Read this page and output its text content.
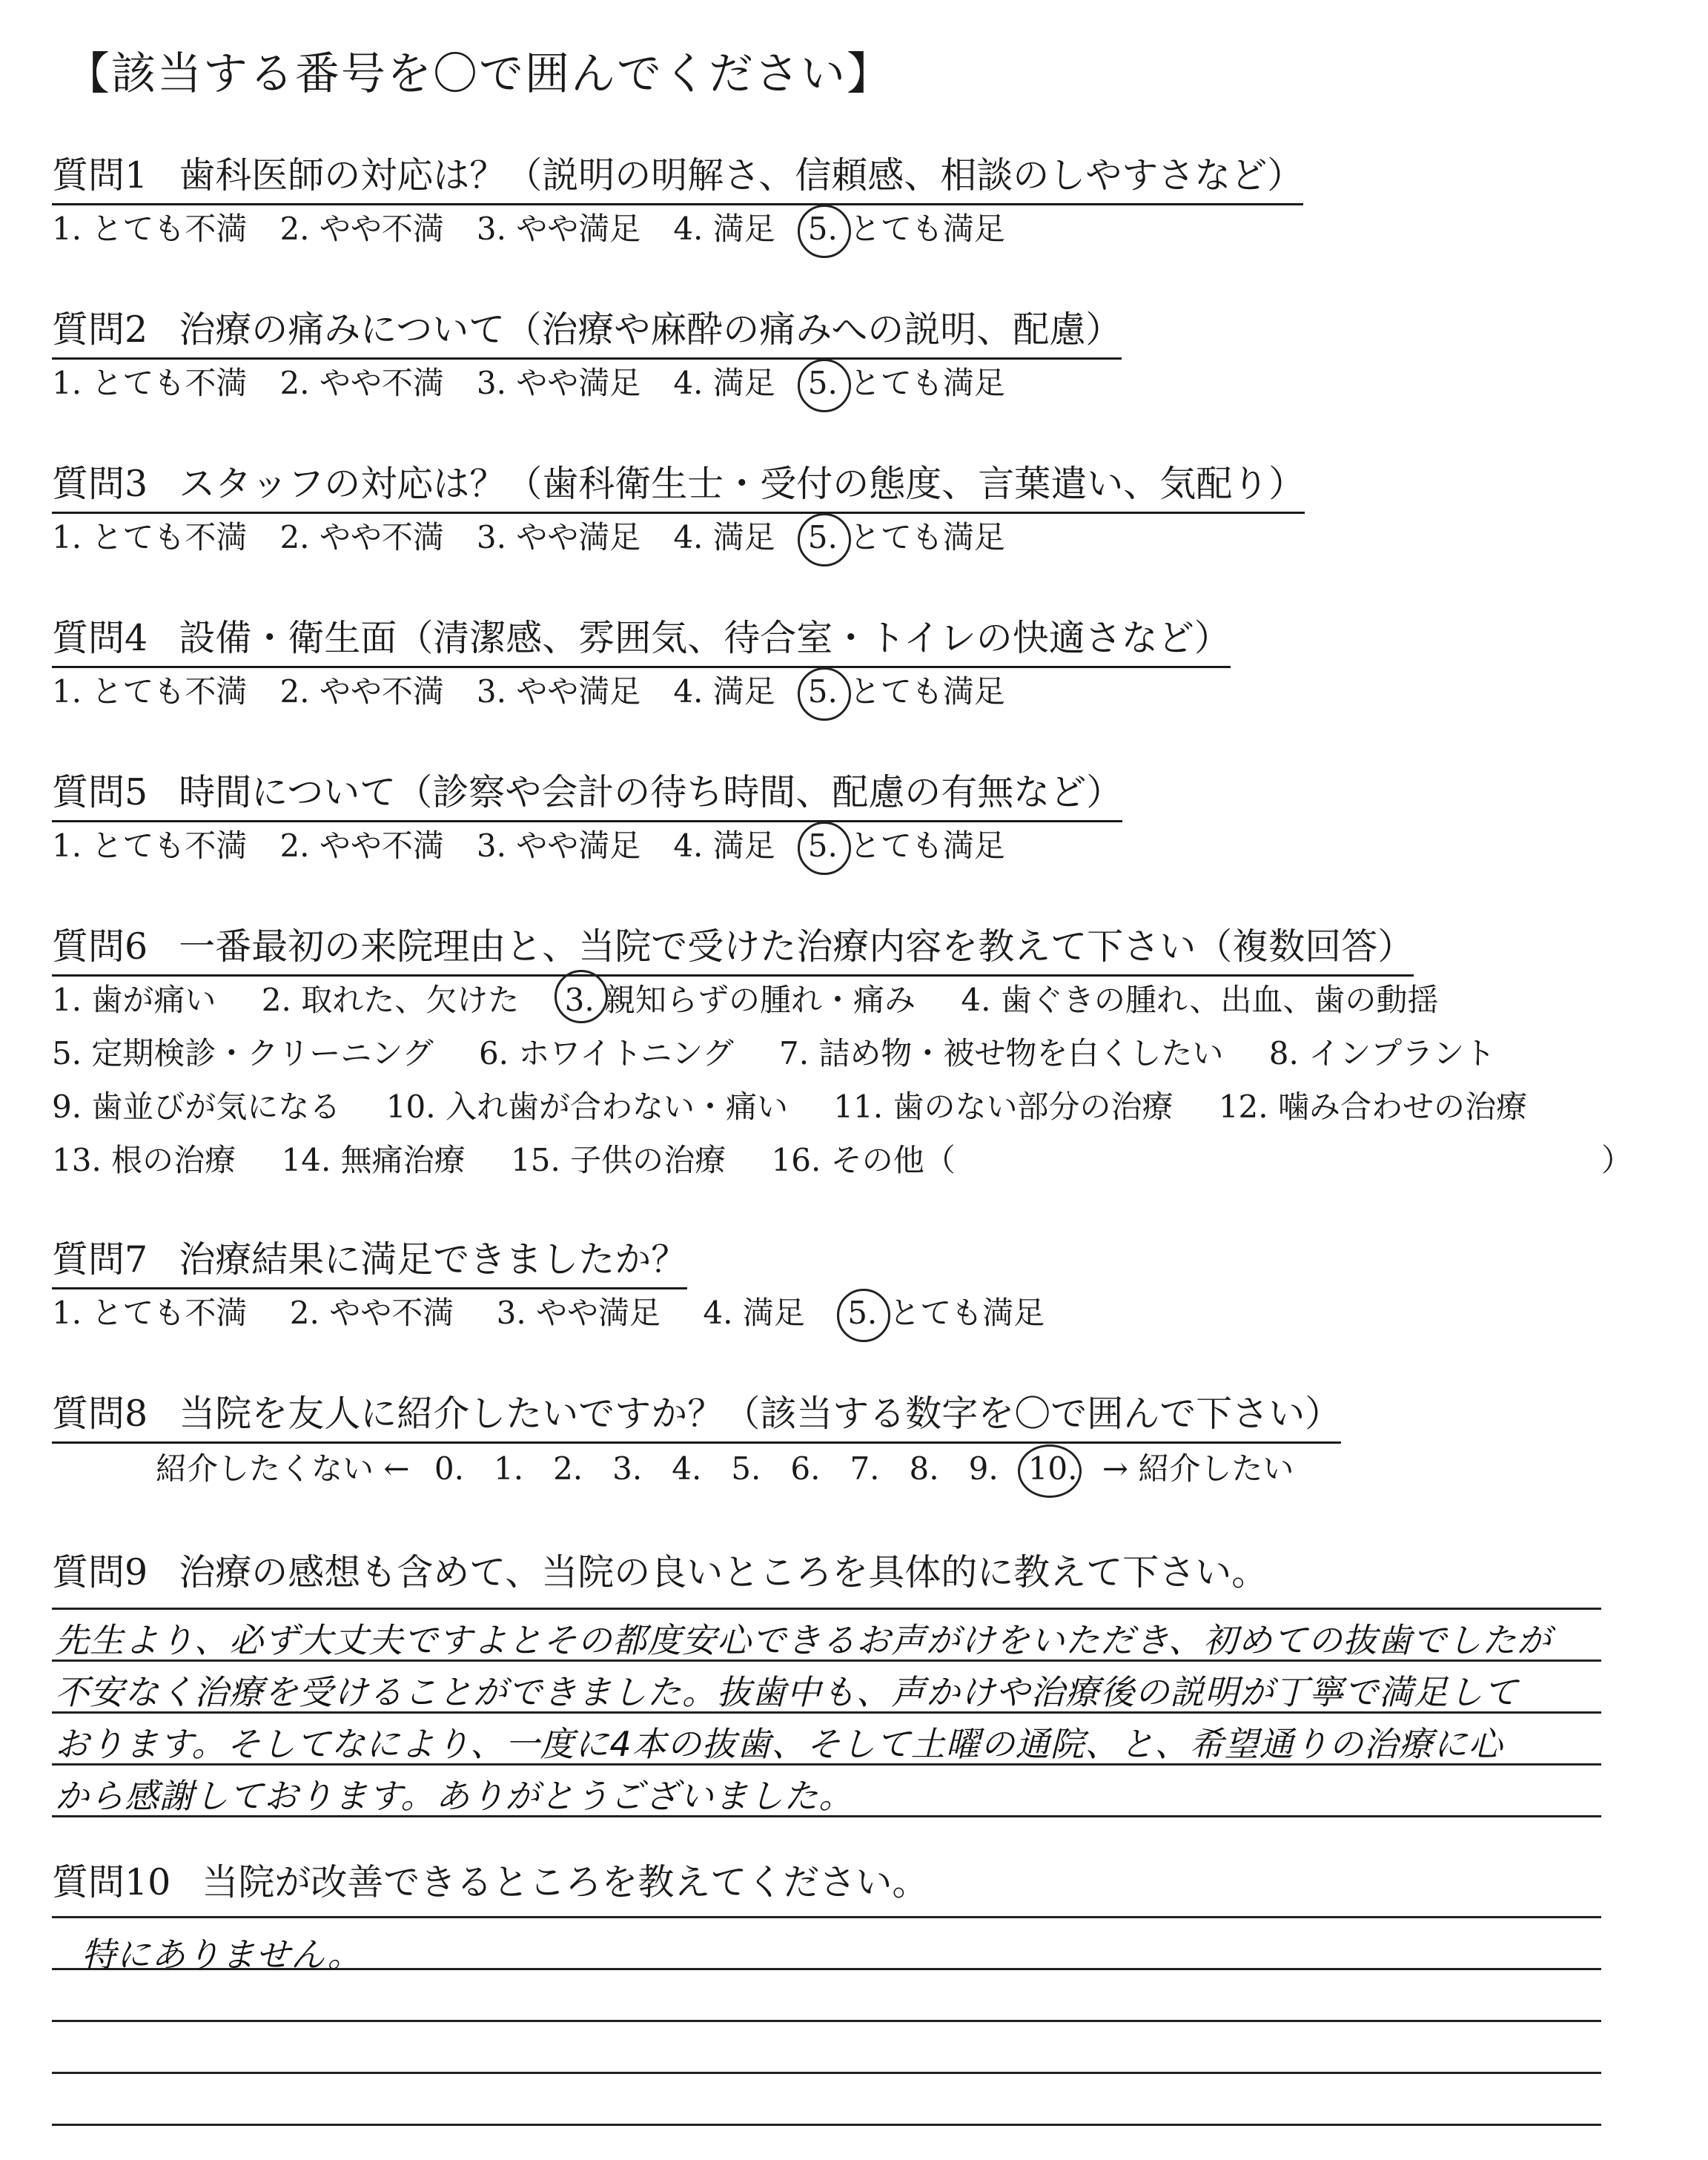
【該当する番号を〇で囲んでください】
質問1 歯科医師の対応は？（説明の明解さ、信頼感、相談のしやすさなど）
1. とても不満 2. やや不満 3. やや満足 4. 満足 5. とても満足
質問2 治療の痛みについて（治療や麻酔の痛みへの説明、配慮）
1. とても不満 2. やや不満 3. やや満足 4. 満足 5. とても満足
質問3 スタッフの対応は？（歯科衛生士・受付の態度、言葉遣い、気配り）
1. とても不満 2. やや不満 3. やや満足 4. 満足 5. とても満足
質問4 設備・衛生面（清潔感、雰囲気、待合室・トイレの快適さなど）
1. とても不満 2. やや不満 3. やや満足 4. 満足 5. とても満足
質問5 時間について（診察や会計の待ち時間、配慮の有無など）
1. とても不満 2. やや不満 3. やや満足 4. 満足 5. とても満足
質問6 一番最初の来院理由と、当院で受けた治療内容を教えて下さい（複数回答）
1. 歯が痛い 2. 取れた、欠けた 3. 親知らずの腫れ・痛み 4. 歯ぐきの腫れ、出血、歯の動揺
5. 定期検診・クリーニング 6. ホワイトニング 7. 詰め物・被せ物を白くしたい 8. インプラント
9. 歯並びが気になる 10. 入れ歯が合わない・痛い 11. 歯のない部分の治療 12. 噛み合わせの治療
13. 根の治療 14. 無痛治療 15. 子供の治療 16. その他（	）
質問7 治療結果に満足できましたか？
1. とても不満 2. やや不満 3. やや満足 4. 満足 5. とても満足
質問8 当院を友人に紹介したいですか？（該当する数字を〇で囲んで下さい）
紹介したくない ← 0. 1. 2. 3. 4. 5. 6. 7. 8. 9. 10. → 紹介したい
質問9 治療の感想も含めて、当院の良いところを具体的に教えて下さい。
先生より、必ず大丈夫ですよとその都度安心できるお声がけをいただき、初めての抜歯でしたが
不安なく治療を受けることができました。抜歯中も、声かけや治療後の説明が丁寧で満足して
おります。そしてなにより、一度に4本の抜歯、そして土曜の通院、と、希望通りの治療に心
から感謝しております。ありがとうございました。
質問10 当院が改善できるところを教えてください。
特にありません。
